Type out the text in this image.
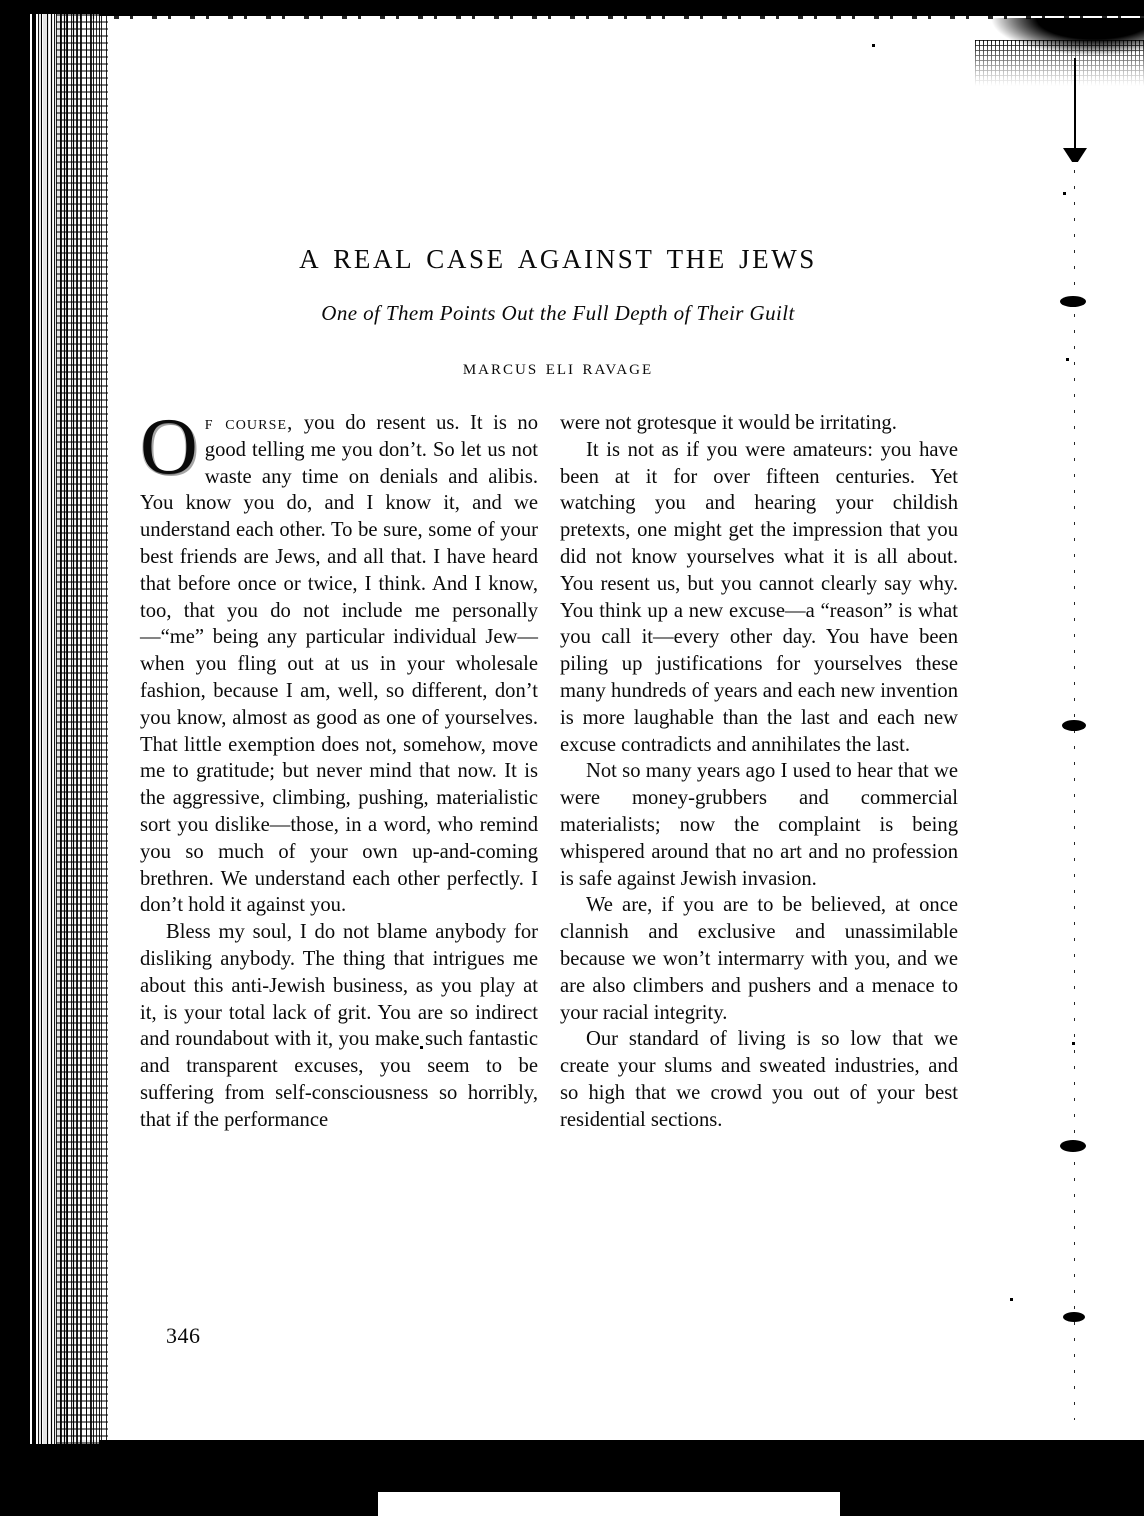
a real case against the jews
One of Them Points Out the Full Depth of Their Guilt
marcus eli ravage

O f course, you do resent us. It is no good telling me you don’t. So let us not waste any time on denials and alibis. You know you do, and I know it, and we understand each other. To be sure, some of your best friends are Jews, and all that. I have heard that before once or twice, I think. And I know, too, that you do not include me personally—“me” being any particular individual Jew—when you fling out at us in your wholesale fashion, because I am, well, so different, don’t you know, almost as good as one of yourselves. That little exemption does not, somehow, move me to gratitude; but never mind that now. It is the aggressive, climbing, pushing, materialistic sort you dislike—those, in a word, who remind you so much of your own up-and-coming brethren. We understand each other perfectly. I don’t hold it against you.

Bless my soul, I do not blame anybody for disliking anybody. The thing that intrigues me about this anti-Jewish business, as you play at it, is your total lack of grit. You are so indirect and roundabout with it, you make such fantastic and transparent excuses, you seem to be suffering from self-consciousness so horribly, that if the performance

were not grotesque it would be irritating.

It is not as if you were amateurs: you have been at it for over fifteen centuries. Yet watching you and hearing your childish pretexts, one might get the impression that you did not know yourselves what it is all about. You resent us, but you cannot clearly say why. You think up a new excuse—a “reason” is what you call it—every other day. You have been piling up justifications for yourselves these many hundreds of years and each new invention is more laughable than the last and each new excuse contradicts and annihilates the last.

Not so many years ago I used to hear that we were money-grubbers and commercial materialists; now the complaint is being whispered around that no art and no profession is safe against Jewish invasion.

We are, if you are to be believed, at once clannish and exclusive and unassimilable because we won’t intermarry with you, and we are also climbers and pushers and a menace to your racial integrity.

Our standard of living is so low that we create your slums and sweated industries, and so high that we crowd you out of your best residential sections.

346
